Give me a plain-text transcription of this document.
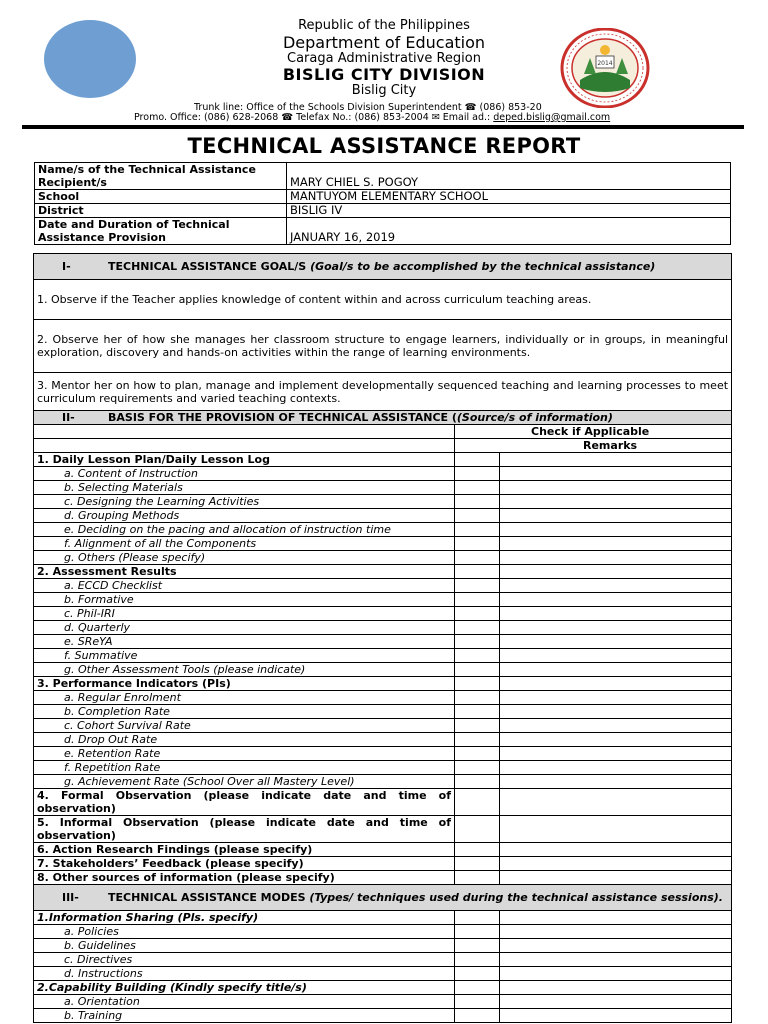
2014
Republic of the Philippines
Department of Education
Caraga Administrative Region
BISLIG CITY DIVISION
Bislig City
Trunk line: Office of the Schools Division Superintendent ☎ (086) 853-20
Promo. Office: (086) 628-2068 ☎ Telefax No.: (086) 853-2004 ✉ Email ad.: deped.bislig@gmail.com
TECHNICAL ASSISTANCE REPORT
Name/s of the Technical Assistance Recipient/s	MARY CHIEL S. POGOY
School	MANTUYOM ELEMENTARY SCHOOL
District	BISLIG IV
Date and Duration of Technical Assistance Provision	JANUARY 16, 2019
I- TECHNICAL ASSISTANCE GOAL/S (Goal/s to be accomplished by the technical assistance)		

1. Observe if the Teacher applies knowledge of content within and across curriculum teaching areas.		
2. Observe her of how she manages her classroom structure to engage learners, individually or in groups, in meaningful exploration, discovery and hands-on activities within the range of learning environments.		
3. Mentor her on how to plan, manage and implement developmentally sequenced teaching and learning processes to meet curriculum requirements and varied teaching contexts.		

II- BASIS FOR THE PROVISION OF TECHNICAL ASSISTANCE ((Source/s of information)		

	Check if Applicable	
	Remarks	
1. Daily Lesson Plan/Daily Lesson Log		
a. Content of Instruction		
b. Selecting Materials		
c. Designing the Learning Activities		
d. Grouping Methods		
e. Deciding on the pacing and allocation of instruction time		
f. Alignment of all the Components		
g. Others (Please specify)		
2. Assessment Results		
a. ECCD Checklist		
b. Formative		
c. Phil-IRI		
d. Quarterly		
e. SReYA		
f. Summative		
g. Other Assessment Tools (please indicate)		
3. Performance Indicators (PIs)		
a. Regular Enrolment		
b. Completion Rate		
c. Cohort Survival Rate		
d. Drop Out Rate		
e. Retention Rate		
f. Repetition Rate		
g. Achievement Rate (School Over all Mastery Level)		
4. Formal Observation (please indicate date and time of observation)		
5. Informal Observation (please indicate date and time of observation)		
6. Action Research Findings (please specify)		
7. Stakeholders’ Feedback (please specify)		
8. Other sources of information (please specify)		

III- TECHNICAL ASSISTANCE MODES (Types/ techniques used during the technical assistance sessions).		

1.Information Sharing (Pls. specify)		
a. Policies		
b. Guidelines		
c. Directives		
d. Instructions		
2.Capability Building (Kindly specify title/s)		
a. Orientation		
b. Training		
